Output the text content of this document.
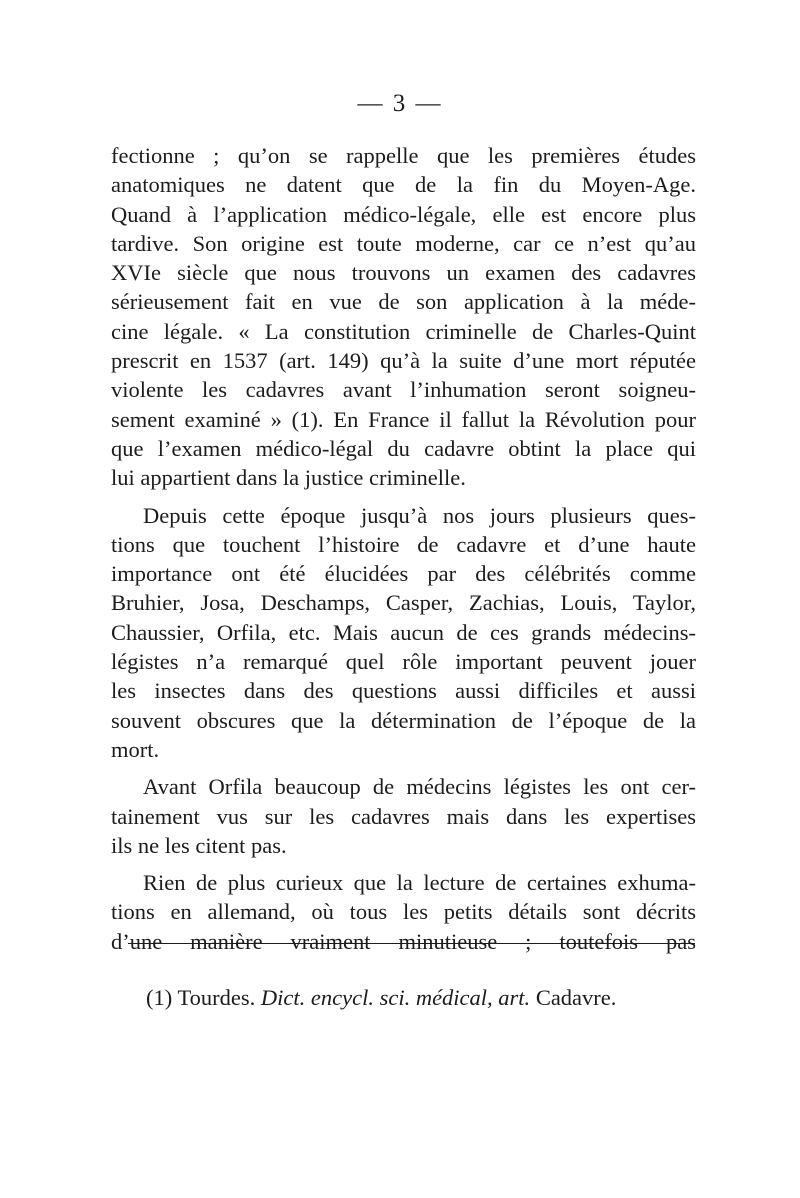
— 3 —
fectionne ; qu’on se rappelle que les premières études
anatomiques ne datent que de la fin du Moyen-Age.
Quand à l’application médico-légale, elle est encore plus
tardive. Son origine est toute moderne, car ce n’est qu’au
XVIe siècle que nous trouvons un examen des cadavres
sérieusement fait en vue de son application à la méde-
cine légale. « La constitution criminelle de Charles-Quint
prescrit en 1537 (art. 149) qu’à la suite d’une mort réputée
violente les cadavres avant l’inhumation seront soigneu-
sement examiné » (1). En France il fallut la Révolution pour
que l’examen médico-légal du cadavre obtint la place qui
lui appartient dans la justice criminelle.
Depuis cette époque jusqu’à nos jours plusieurs ques-
tions que touchent l’histoire de cadavre et d’une haute
importance ont été élucidées par des célébrités comme
Bruhier, Josa, Deschamps, Casper, Zachias, Louis, Taylor,
Chaussier, Orfila, etc. Mais aucun de ces grands médecins-
légistes n’a remarqué quel rôle important peuvent jouer
les insectes dans des questions aussi difficiles et aussi
souvent obscures que la détermination de l’époque de la
mort.
Avant Orfila beaucoup de médecins légistes les ont cer-
tainement vus sur les cadavres mais dans les expertises
ils ne les citent pas.
Rien de plus curieux que la lecture de certaines exhuma-
tions en allemand, où tous les petits détails sont décrits
d’une manière vraiment minutieuse ; toutefois pas
(1) Tourdes. Dict. encycl. sci. médical, art. Cadavre.
